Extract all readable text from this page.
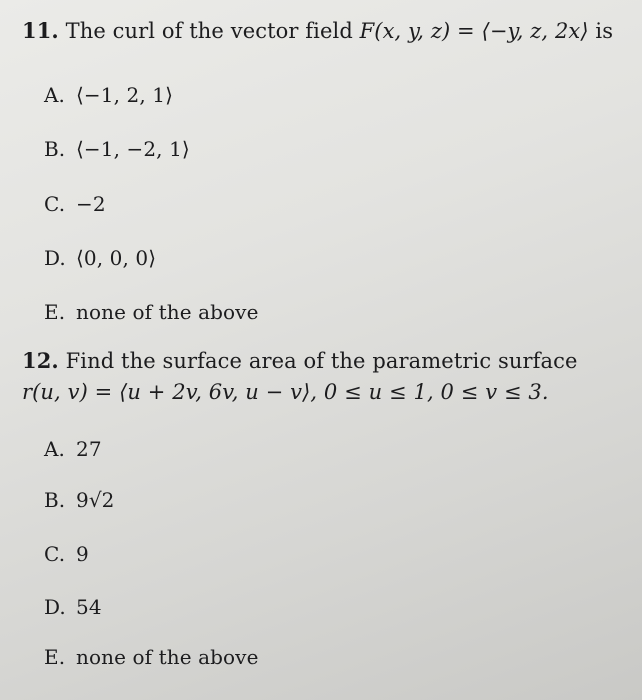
11. The curl of the vector field F(x, y, z) = ⟨−y, z, 2x⟩ is
A. ⟨−1, 2, 1⟩
B. ⟨−1, −2, 1⟩
C. −2
D. ⟨0, 0, 0⟩
E. none of the above
12. Find the surface area of the parametric surface
r(u, v) = ⟨u + 2v, 6v, u − v⟩, 0 ≤ u ≤ 1, 0 ≤ v ≤ 3.
A. 27
B. 9√2
C. 9
D. 54
E. none of the above
